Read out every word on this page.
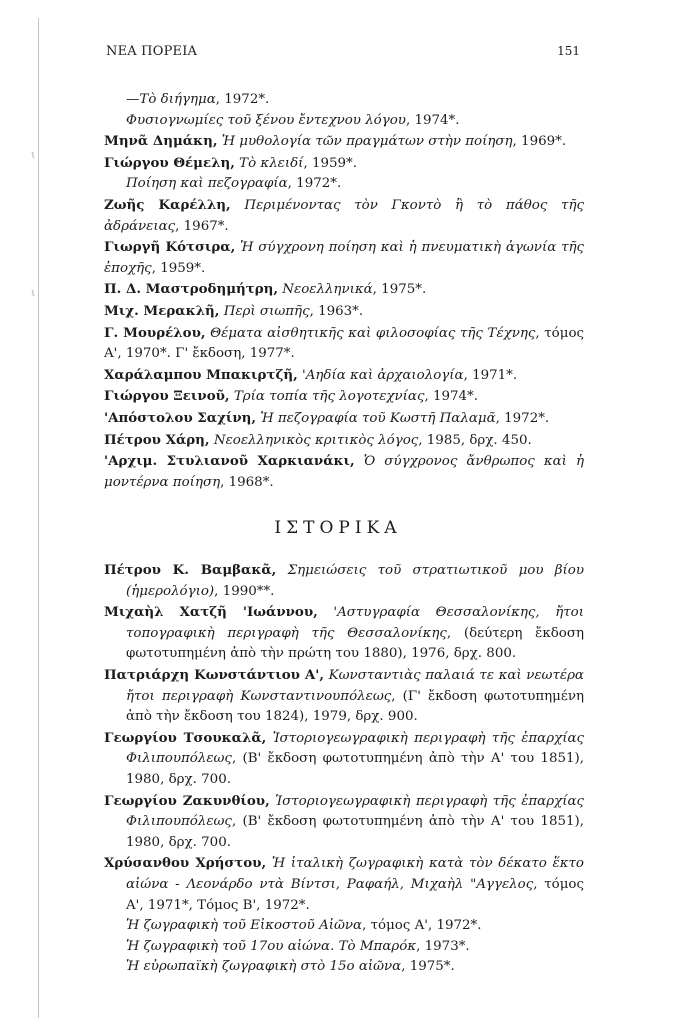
ι
ι
ΝΕΑ ΠΟΡΕΙΑ	151
—Τὸ διήγημα, 1972*.
Φυσιογνωμίες τοῦ ξένου ἔντεχνου λόγου, 1974*.
Μηνᾶ Δημάκη, Ἡ μυθολογία τῶν πραγμάτων στὴν ποίηση, 1969*.
Γιώργου Θέμελη, Τὸ κλειδί, 1959*.
Ποίηση καὶ πεζογραφία, 1972*.
Ζωῆς Καρέλλη, Περιμένοντας τὸν Γκοντὸ ἢ τὸ πάθος τῆς ἀδράνειας, 1967*.
Γιωργῆ Κότσιρα, Ἡ σύγχρονη ποίηση καὶ ἡ πνευματικὴ ἀγωνία τῆς ἐποχῆς, 1959*.
Π. Δ. Μαστροδημήτρη, Νεοελληνικά, 1975*.
Μιχ. Μερακλῆ, Περὶ σιωπῆς, 1963*.
Γ. Μουρέλου, Θέματα αἰσθητικῆς καὶ φιλοσοφίας τῆς Τέχνης, τόμος Α', 1970*. Γ' ἔκδοση, 1977*.
Χαράλαμπου Μπακιρτζῆ, 'Αηδία καὶ ἀρχαιολογία, 1971*.
Γιώργου Ξεινοῦ, Τρία τοπία τῆς λογοτεχνίας, 1974*.
'Απόστολου Σαχίνη, Ἡ πεζογραφία τοῦ Κωστῆ Παλαμᾶ, 1972*.
Πέτρου Χάρη, Νεοελληνικὸς κριτικὸς λόγος, 1985, δρχ. 450.
'Αρχιμ. Στυλιανοῦ Χαρκιανάκι, Ὁ σύγχρονος ἄνθρωπος καὶ ἡ μοντέρνα ποίηση, 1968*.
ΙΣΤΟΡΙΚΑ
Πέτρου Κ. Βαμβακᾶ, Σημειώσεις τοῦ στρατιωτικοῦ μου βίου (ἡμερολόγιο), 1990**.
Μιχαὴλ Χατζῆ 'Ιωάννου, 'Αστυγραφία Θεσσαλονίκης, ἤτοι τοπογραφικὴ περιγραφὴ τῆς Θεσσαλονίκης, (δεύτερη ἔκδοση φωτοτυπημένη ἀπὸ τὴν πρώτη του 1880), 1976, δρχ. 800.
Πατριάρχη Κωνστάντιου Α', Κωνσταντιὰς παλαιά τε καὶ νεωτέρα ἤτοι περιγραφὴ Κωνσταντινουπόλεως, (Γ' ἔκδοση φωτοτυπημένη ἀπὸ τὴν ἔκδοση του 1824), 1979, δρχ. 900.
Γεωργίου Τσουκαλᾶ, Ἱστοριογεωγραφικὴ περιγραφὴ τῆς ἐπαρχίας Φιλιπουπόλεως, (Β' ἔκδοση φωτοτυπημένη ἀπὸ τὴν Α' του 1851), 1980, δρχ. 700.
Γεωργίου Ζακυνθίου, Ἱστοριογεωγραφικὴ περιγραφὴ τῆς ἐπαρχίας Φιλιπουπόλεως, (Β' ἔκδοση φωτοτυπημένη ἀπὸ τὴν Α' του 1851), 1980, δρχ. 700.
Χρύσανθου Χρήστου, Ἡ ἰταλικὴ ζωγραφικὴ κατὰ τὸν δέκατο ἕκτο αἰώνα - Λεονάρδο ντὰ Βίντσι, Ραφαήλ, Μιχαὴλ "Αγγελος, τόμος Α', 1971*, Τόμος Β', 1972*.
Ἡ ζωγραφικὴ τοῦ Εἰκοστοῦ Αἰῶνα, τόμος Α', 1972*.
Ἡ ζωγραφικὴ τοῦ 17ου αἰώνα. Τὸ Μπαρόκ, 1973*.
Ἡ εὐρωπαϊκὴ ζωγραφικὴ στὸ 15ο αἰῶνα, 1975*.
